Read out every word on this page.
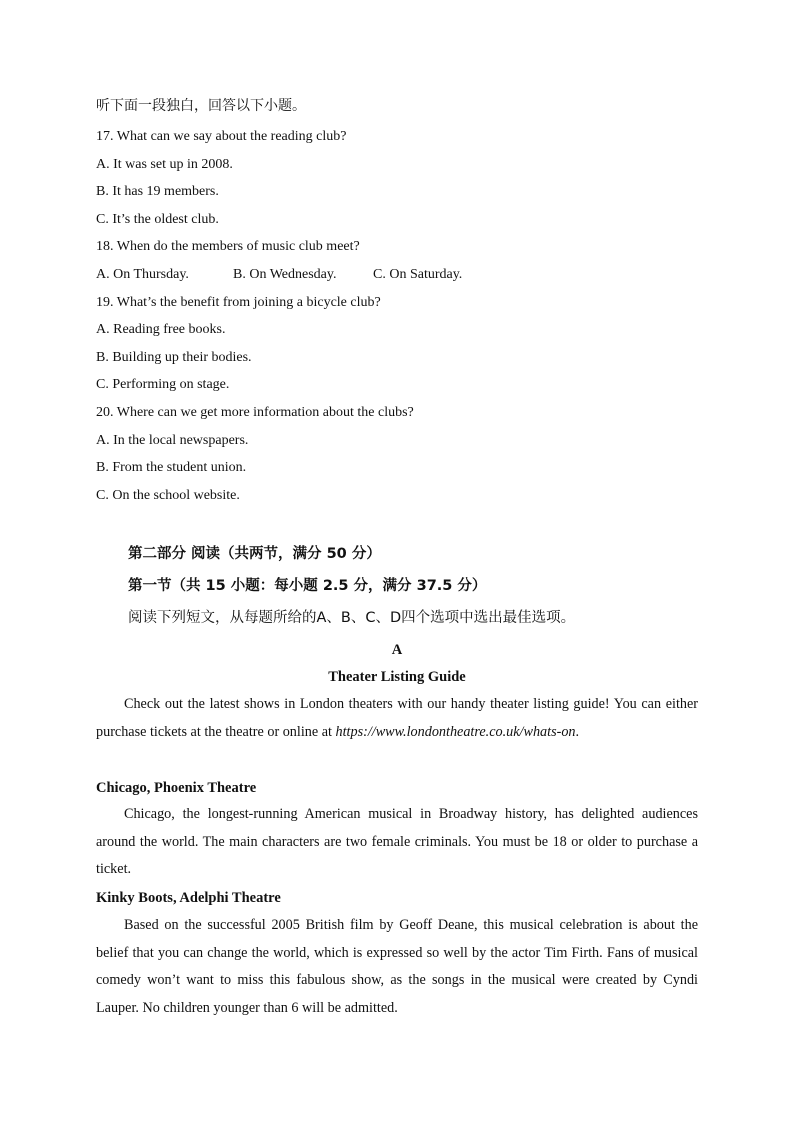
听下面一段独白，回答以下小题。
17. What can we say about the reading club?
A. It was set up in 2008.
B. It has 19 members.
C. It’s the oldest club.
18. When do the members of music club meet?
A. On Thursday.	B. On Wednesday.	C. On Saturday.
19. What’s the benefit from joining a bicycle club?
A. Reading free books.
B. Building up their bodies.
C. Performing on stage.
20. Where can we get more information about the clubs?
A. In the local newspapers.
B. From the student union.
C. On the school website.
第二部分 阅读（共两节，满分 50 分）
第一节（共 15 小题：每小题 2.5 分，满分 37.5 分）
阅读下列短文，从每题所给的A、B、C、D四个选项中选出最佳选项。
A
Theater Listing Guide
Check out the latest shows in London theaters with our handy theater listing guide! You can either purchase tickets at the theatre or online at https://www.londontheatre.co.uk/whats-on.
Chicago, Phoenix Theatre
Chicago, the longest-running American musical in Broadway history, has delighted audiences around the world. The main characters are two female criminals. You must be 18 or older to purchase a ticket.
Kinky Boots, Adelphi Theatre
Based on the successful 2005 British film by Geoff Deane, this musical celebration is about the belief that you can change the world, which is expressed so well by the actor Tim Firth. Fans of musical comedy won’t want to miss this fabulous show, as the songs in the musical were created by Cyndi Lauper. No children younger than 6 will be admitted.
